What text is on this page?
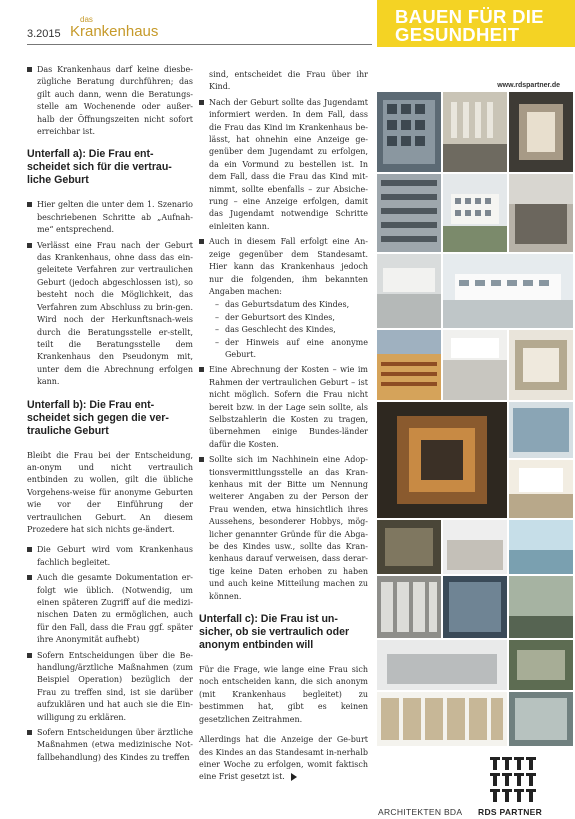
3.2015
das
Krankenhaus
Das Krankenhaus darf keine diesbe-zügliche Beratung durchführen; das gilt auch dann, wenn die Beratungs-stelle am Wochenende oder außer-halb der Öffnungszeiten nicht sofort erreichbar ist.
Unterfall a): Die Frau ent-scheidet sich für die vertrau-liche Geburt
Hier gelten die unter dem 1. Szenario beschriebenen Schritte ab „Aufnah-me“ entsprechend.
Verlässt eine Frau nach der Geburt das Krankenhaus, ohne dass das ein-geleitete Verfahren zur vertraulichen Geburt (jedoch abgeschlossen ist), so besteht noch die Möglichkeit, das Verfahren zum Abschluss zu brin-gen. Wird noch der Herkunftsnach-weis durch die Beratungsstelle er-stellt, teilt die Beratungsstelle dem Krankenhaus den Pseudonym mit, unter dem die Abrechnung erfolgen kann.
Unterfall b): Die Frau ent-scheidet sich gegen die ver-trauliche Geburt

Bleibt die Frau bei der Entscheidung, an-onym und nicht vertraulich entbinden zu wollen, gilt die übliche Vorgehens-weise für anonyme Geburten wie vor der Einführung der vertraulichen Geburt. An diesem Prozedere hat sich nichts ge-ändert.

Die Geburt wird vom Krankenhaus fachlich begleitet.
Auch die gesamte Dokumentation er-folgt wie üblich. (Notwendig, um einen späteren Zugriff auf die medizi-nischen Daten zu ermöglichen, auch für den Fall, dass die Frau ggf. später ihre Anonymität aufhebt)
Sofern Entscheidungen über die Be-handlung/ärztliche Maßnahmen (zum Beispiel Operation) bezüglich der Frau zu treffen sind, ist sie darüber aufzuklären und hat auch sie die Ein-willigung zu erklären.
Sofern Entscheidungen über ärztliche Maßnahmen (etwa medizinische Not-fallbehandlung) des Kindes zu treffen

sind, entscheidet die Frau über ihr Kind.

Nach der Geburt sollte das Jugendamt informiert werden. In dem Fall, dass die Frau das Kind im Krankenhaus be-lässt, hat ohnehin eine Anzeige ge-genüber dem Jugendamt zu erfolgen, da ein Vormund zu bestellen ist. In dem Fall, dass die Frau das Kind mit-nimmt, sollte ebenfalls – zur Absiche-rung – eine Anzeige erfolgen, damit das Jugendamt notwendige Schritte einleiten kann.
Auch in diesem Fall erfolgt eine An-zeige gegenüber dem Standesamt. Hier kann das Krankenhaus jedoch nur die folgenden, ihm bekannten Angaben machen:
– das Geburtsdatum des Kindes,
– der Geburtsort des Kindes,
– das Geschlecht des Kindes,
– der Hinweis auf eine anonyme Geburt.
Eine Abrechnung der Kosten – wie im Rahmen der vertraulichen Geburt – ist nicht möglich. Sofern die Frau nicht bereit bzw. in der Lage sein sollte, als Selbstzahlerin die Kosten zu tragen, übernehmen einige Bundes-länder dafür die Kosten.
Sollte sich im Nachhinein eine Adop-tionsvermittlungsstelle an das Kran-kenhaus mit der Bitte um Nennung weiterer Angaben zu der Person der Frau wenden, etwa hinsichtlich ihres Aussehens, besonderer Hobbys, mög-licher genannter Gründe für die Abga-be des Kindes usw., sollte das Kran-kenhaus darauf verweisen, dass derar-tige keine Daten erhoben zu haben und auch keine Mitteilung machen zu können.
Unterfall c): Die Frau ist un-sicher, ob sie vertraulich oder anonym entbinden will

Für die Frage, wie lange eine Frau sich noch entscheiden kann, die sich anonym (mit Krankenhaus begleitet) zu bestimmen hat, gibt es keinen gesetzlichen Zeitrahmen.

Allerdings hat die Anzeige der Ge-burt des Kindes an das Standesamt in-nerhalb einer Woche zu erfolgen, womit faktisch eine Frist gesetzt ist.

BAUEN FÜR DIE
GESUNDHEIT
www.rdspartner.de
ARCHITEKTEN BDA RDS PARTNER
